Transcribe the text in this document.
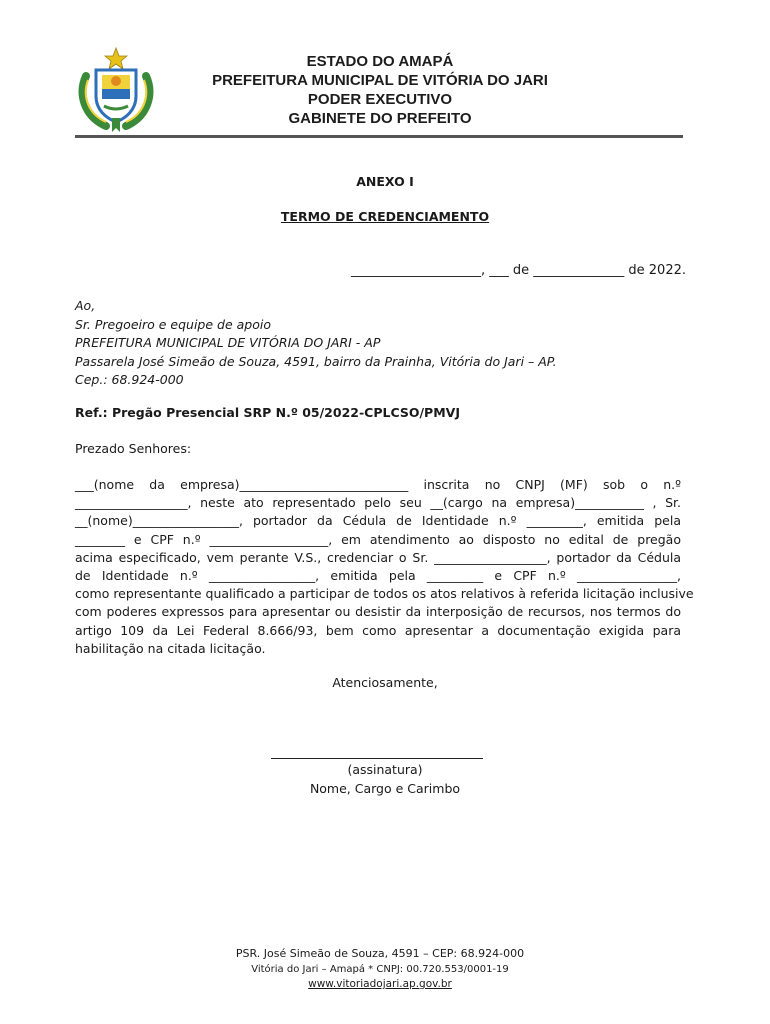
ESTADO DO AMAPÁ
PREFEITURA MUNICIPAL DE VITÓRIA DO JARI
PODER EXECUTIVO
GABINETE DO PREFEITO
ANEXO I
TERMO DE CREDENCIAMENTO
____________________, ___ de ______________ de 2022.
Ao,
Sr. Pregoeiro e equipe de apoio
PREFEITURA MUNICIPAL DE VITÓRIA DO JARI - AP
Passarela José Simeão de Souza, 4591, bairro da Prainha, Vitória do Jari – AP.
Cep.: 68.924-000
Ref.: Pregão Presencial SRP N.º 05/2022-CPLCSO/PMVJ
Prezado Senhores:
___(nome da empresa)___________________________ inscrita no CNPJ (MF) sob o n.º
__________________, neste ato representado pelo seu __(cargo na empresa)___________ , Sr.
__(nome)_________________, portador da Cédula de Identidade n.º _________, emitida pela
________ e CPF n.º ___________________, em atendimento ao disposto no edital de pregão
acima especificado, vem perante V.S., credenciar o Sr. __________________, portador da Cédula
de Identidade n.º _________________, emitida pela _________ e CPF n.º ________________,
como representante qualificado a participar de todos os atos relativos à referida licitação inclusive
com poderes expressos para apresentar ou desistir da interposição de recursos, nos termos do
artigo 109 da Lei Federal 8.666/93, bem como apresentar a documentação exigida para
habilitação na citada licitação.
Atenciosamente,
(assinatura)
Nome, Cargo e Carimbo
PSR. José Simeão de Souza, 4591 – CEP: 68.924-000
Vitória do Jari – Amapá * CNPJ: 00.720.553/0001-19
www.vitoriadojari.ap.gov.br
